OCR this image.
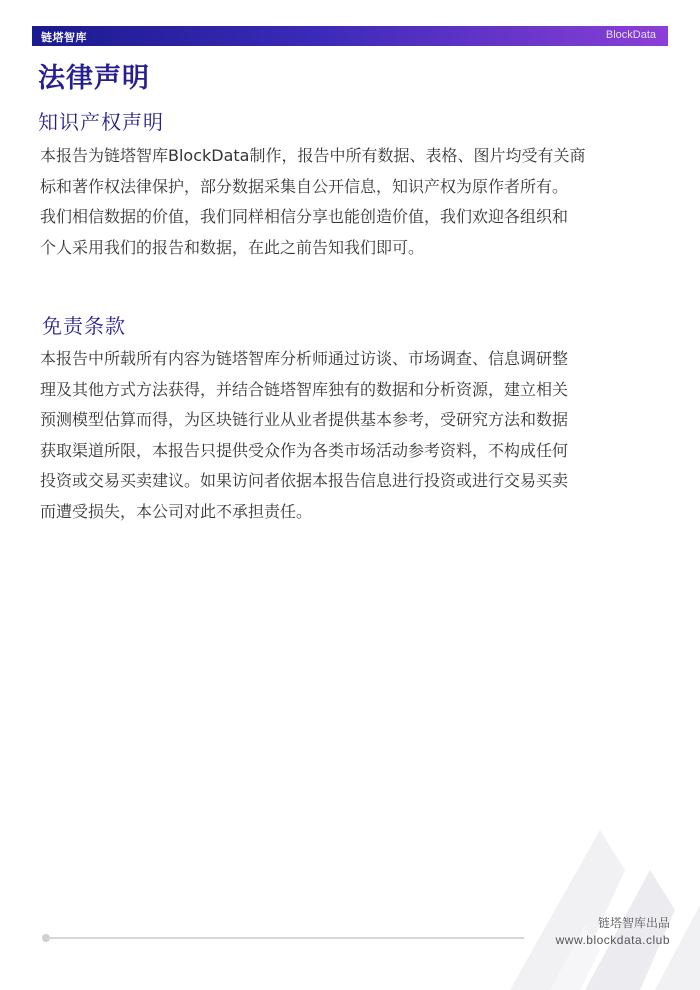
链塔智库	BlockData
法律声明
知识产权声明
本报告为链塔智库BlockData制作，报告中所有数据、表格、图片均受有关商
标和著作权法律保护，部分数据采集自公开信息，知识产权为原作者所有。
我们相信数据的价值，我们同样相信分享也能创造价值，我们欢迎各组织和
个人采用我们的报告和数据，在此之前告知我们即可。
免责条款
本报告中所载所有内容为链塔智库分析师通过访谈、市场调查、信息调研整
理及其他方式方法获得，并结合链塔智库独有的数据和分析资源，建立相关
预测模型估算而得，为区块链行业从业者提供基本参考，受研究方法和数据
获取渠道所限，本报告只提供受众作为各类市场活动参考资料，不构成任何
投资或交易买卖建议。如果访问者依据本报告信息进行投资或进行交易买卖
而遭受损失，本公司对此不承担责任。
链塔智库出品
www.blockdata.club
